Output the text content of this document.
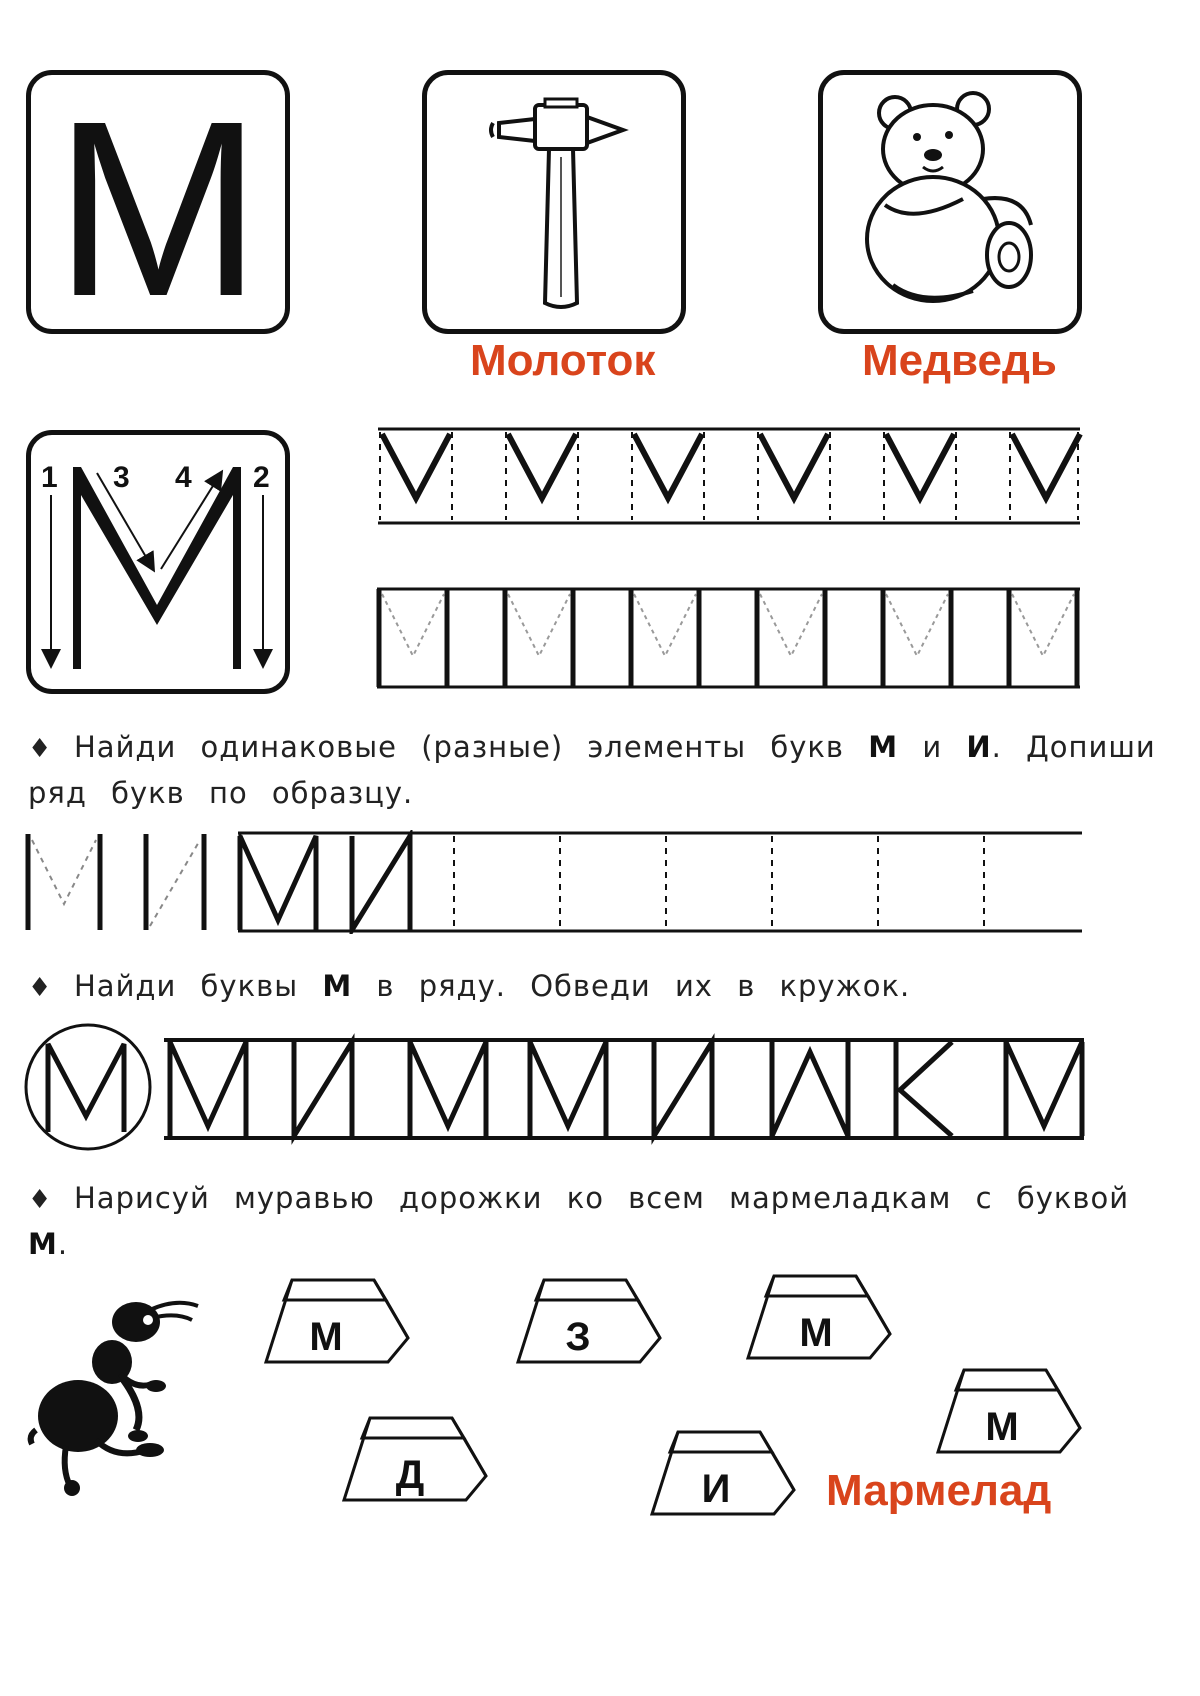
М
Молоток	Медведь
1 3 4 2
♦ Найди одинаковые (разные) элементы букв М и И. Допиши ряд букв по образцу.
♦ Найди буквы М в ряду. Обведи их в кружок.
♦ Нарисуй муравью дорожки ко всем мармеладкам с буквой М.
М	З	М
Д	И
М
Мармелад
